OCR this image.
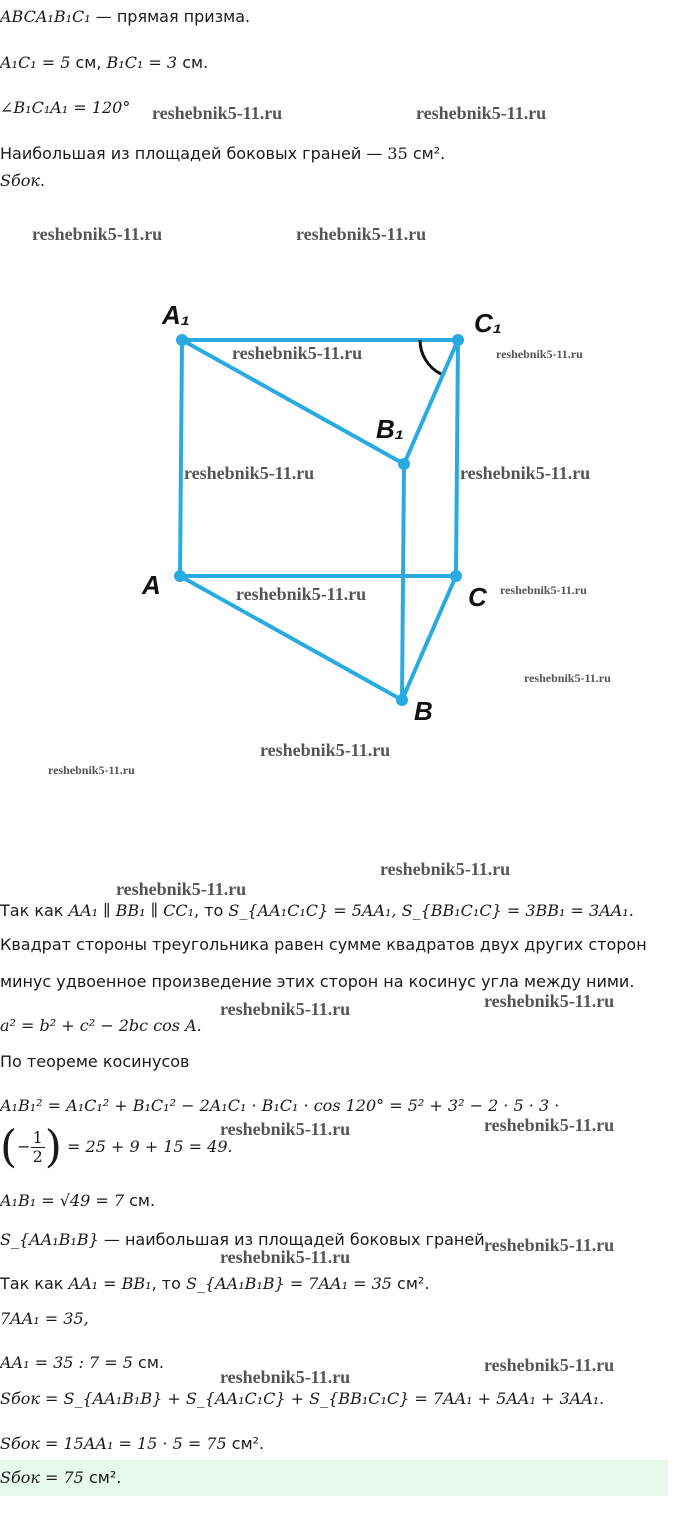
ABCA₁B₁C₁ — прямая призма.
A₁C₁ = 5 см, B₁C₁ = 3 см.
∠B₁C₁A₁ = 120°
Наибольшая из площадей боковых граней — 35 см².
Sбок.
A₁	C₁
B₁
A	C
B
Так как AA₁ ∥ BB₁ ∥ CC₁, то S_{AA₁C₁C} = 5AA₁, S_{BB₁C₁C} = 3BB₁ = 3AA₁.
Квадрат стороны треугольника равен сумме квадратов двух других сторон
минус удвоенное произведение этих сторон на косинус угла между ними.
a² = b² + c² − 2bc cos A.
По теореме косинусов
A₁B₁² = A₁C₁² + B₁C₁² − 2A₁C₁ · B₁C₁ · cos 120° = 5² + 3² − 2 · 5 · 3 ·
(− $\frac{1}{2}$ ) = 25 + 9 + 15 = 49.
A₁B₁ = √49 = 7 см.
S_{AA₁B₁B} — наибольшая из площадей боковых граней.
Так как AA₁ = BB₁, то S_{AA₁B₁B} = 7AA₁ = 35 см².
7AA₁ = 35,
AA₁ = 35 : 7 = 5 см.
Sбок = S_{AA₁B₁B} + S_{AA₁C₁C} + S_{BB₁C₁C} = 7AA₁ + 5AA₁ + 3AA₁.
Sбок = 15AA₁ = 15 · 5 = 75 см².
Sбок = 75 см².
reshebnik5-11.ru	reshebnik5-11.ru
reshebnik5-11.ru	reshebnik5-11.ru
reshebnik5-11.ru	reshebnik5-11.ru
reshebnik5-11.ru	reshebnik5-11.ru
reshebnik5-11.ru	reshebnik5-11.ru
reshebnik5-11.ru
reshebnik5-11.ru
reshebnik5-11.ru
reshebnik5-11.ru
reshebnik5-11.ru
reshebnik5-11.ru	reshebnik5-11.ru
reshebnik5-11.ru	reshebnik5-11.ru
reshebnik5-11.ru
reshebnik5-11.ru
reshebnik5-11.ru
reshebnik5-11.ru
